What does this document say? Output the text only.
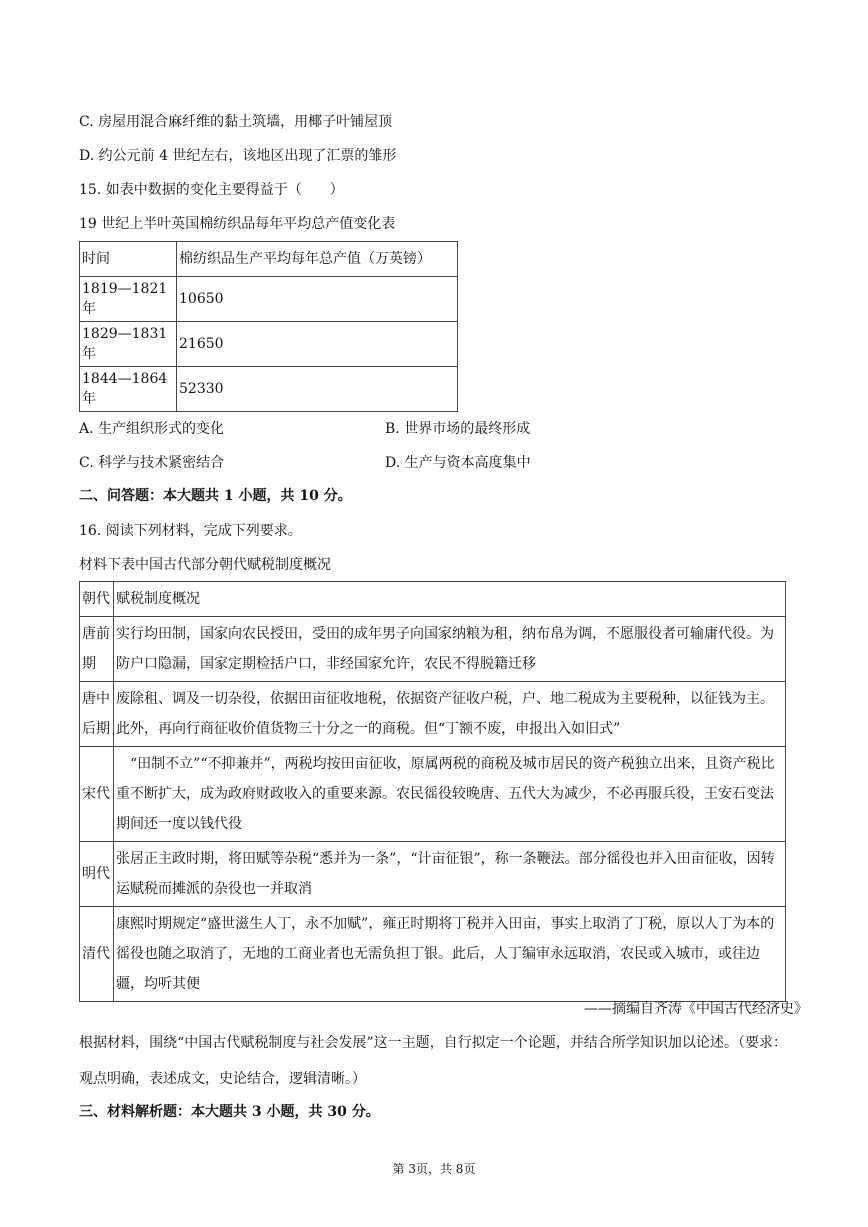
C. 房屋用混合麻纤维的黏土筑墙，用椰子叶铺屋顶
D. 约公元前 4 世纪左右，该地区出现了汇票的雏形
15. 如表中数据的变化主要得益于（　　）
19 世纪上半叶英国棉纺织品每年平均总产值变化表
时间	棉纺织品生产平均每年总产值（万英镑）
1819—1821 年	10650
1829—1831 年	21650
1844—1864 年	52330
A. 生产组织形式的变化	B. 世界市场的最终形成
C. 科学与技术紧密结合	D. 生产与资本高度集中
二、问答题：本大题共 1 小题，共 10 分。
16. 阅读下列材料，完成下列要求。
材料下表中国古代部分朝代赋税制度概况
朝代	赋税制度概况
唐前期	实行均田制，国家向农民授田，受田的成年男子向国家纳粮为租，纳布帛为调，不愿服役者可输庸代役。为防户口隐漏，国家定期检括户口，非经国家允许，农民不得脱籍迁移
唐中后期	废除租、调及一切杂役，依据田亩征收地税，依据资产征收户税，户、地二税成为主要税种，以征钱为主。此外，再向行商征收价值货物三十分之一的商税。但“丁额不废，申报出入如旧式”
宋代	　“田制不立”“不抑兼并”，两税均按田亩征收，原属两税的商税及城市居民的资产税独立出来，且资产税比重不断扩大，成为政府财政收入的重要来源。农民徭役较晚唐、五代大为减少，不必再服兵役，王安石变法期间还一度以钱代役
明代	张居正主政时期，将田赋等杂税“悉并为一条”，“计亩征银”，称一条鞭法。部分徭役也并入田亩征收，因转运赋税而摊派的杂役也一并取消
清代	康熙时期规定“盛世滋生人丁，永不加赋”，雍正时期将丁税并入田亩，事实上取消了丁税，原以人丁为本的徭役也随之取消了，无地的工商业者也无需负担丁银。此后，人丁编审永远取消，农民或入城市，或往边疆，均听其便
——摘编自齐涛《中国古代经济史》
根据材料，围绕“中国古代赋税制度与社会发展”这一主题，自行拟定一个论题，并结合所学知识加以论述。（要求：观点明确，表述成文，史论结合，逻辑清晰。）
三、材料解析题：本大题共 3 小题，共 30 分。
第 3页，共 8页
